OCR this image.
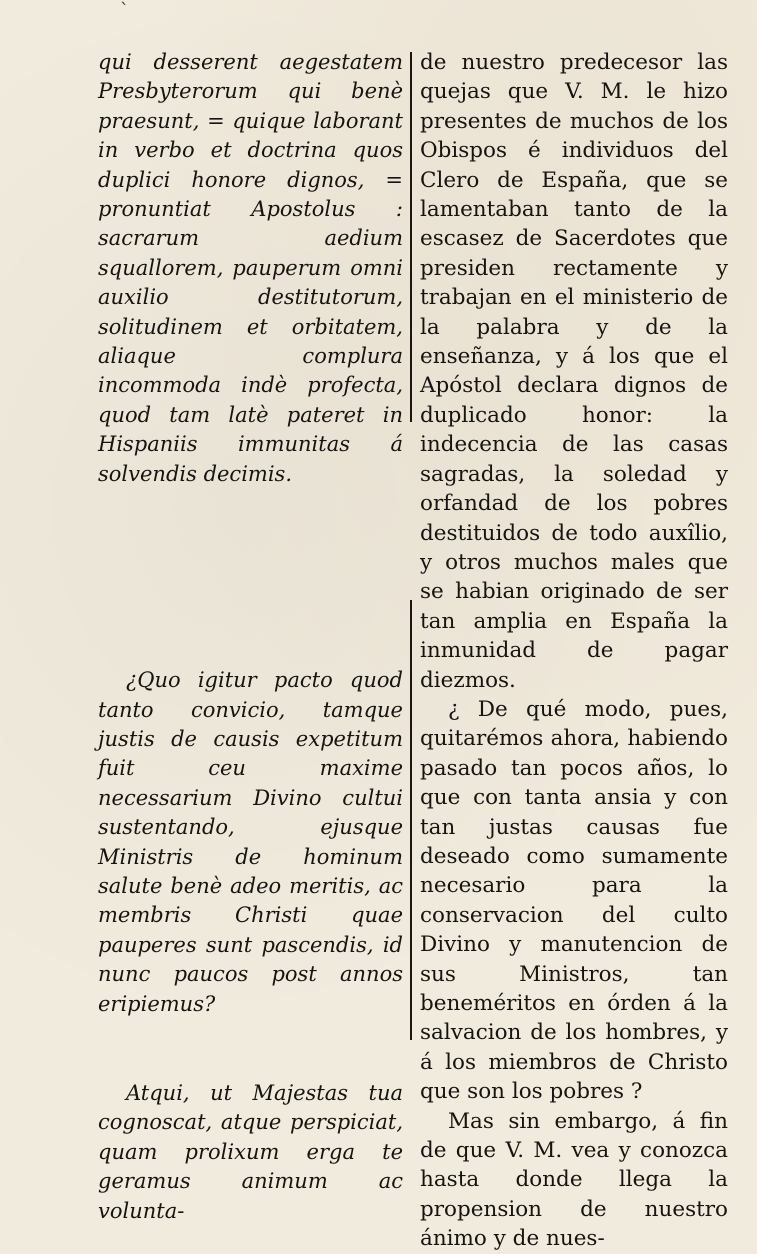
ˋ

qui desserent aegestatem Presbyterorum qui benè praesunt, = quique laborant in verbo et doctrina quos duplici honore dignos, = pronuntiat Apostolus : sacrarum aedium squallorem, pauperum omni auxilio destitutorum, solitudinem et orbitatem, aliaque complura incommoda indè profecta, quod tam latè pateret in Hispaniis immunitas á solvendis decimis.

¿Quo igitur pacto quod tanto convicio, tamque justis de causis expetitum fuit ceu maxime necessarium Divino cultui sustentando, ejusque Ministris de hominum salute benè adeo meritis, ac membris Christi quae pauperes sunt pascendis, id nunc paucos post annos eripiemus?

Atqui, ut Majestas tua cognoscat, atque perspiciat, quam prolixum erga te geramus animum ac volunta-

de nuestro predecesor las quejas que V. M. le hizo presentes de muchos de los Obispos é individuos del Clero de España, que se lamentaban tanto de la escasez de Sacerdotes que presiden rectamente y trabajan en el ministerio de la palabra y de la enseñanza, y á los que el Apóstol declara dignos de duplicado honor: la indecencia de las casas sagradas, la soledad y orfandad de los pobres destituidos de todo auxîlio, y otros muchos males que se habian originado de ser tan amplia en España la inmunidad de pagar diezmos.

¿ De qué modo, pues, quitarémos ahora, habiendo pasado tan pocos años, lo que con tanta ansia y con tan justas causas fue deseado como sumamente necesario para la conservacion del culto Divino y manutencion de sus Ministros, tan beneméritos en órden á la salvacion de los hombres, y á los miembros de Christo que son los pobres ?

Mas sin embargo, á fin de que V. M. vea y conozca hasta donde llega la propension de nuestro ánimo y de nues-
